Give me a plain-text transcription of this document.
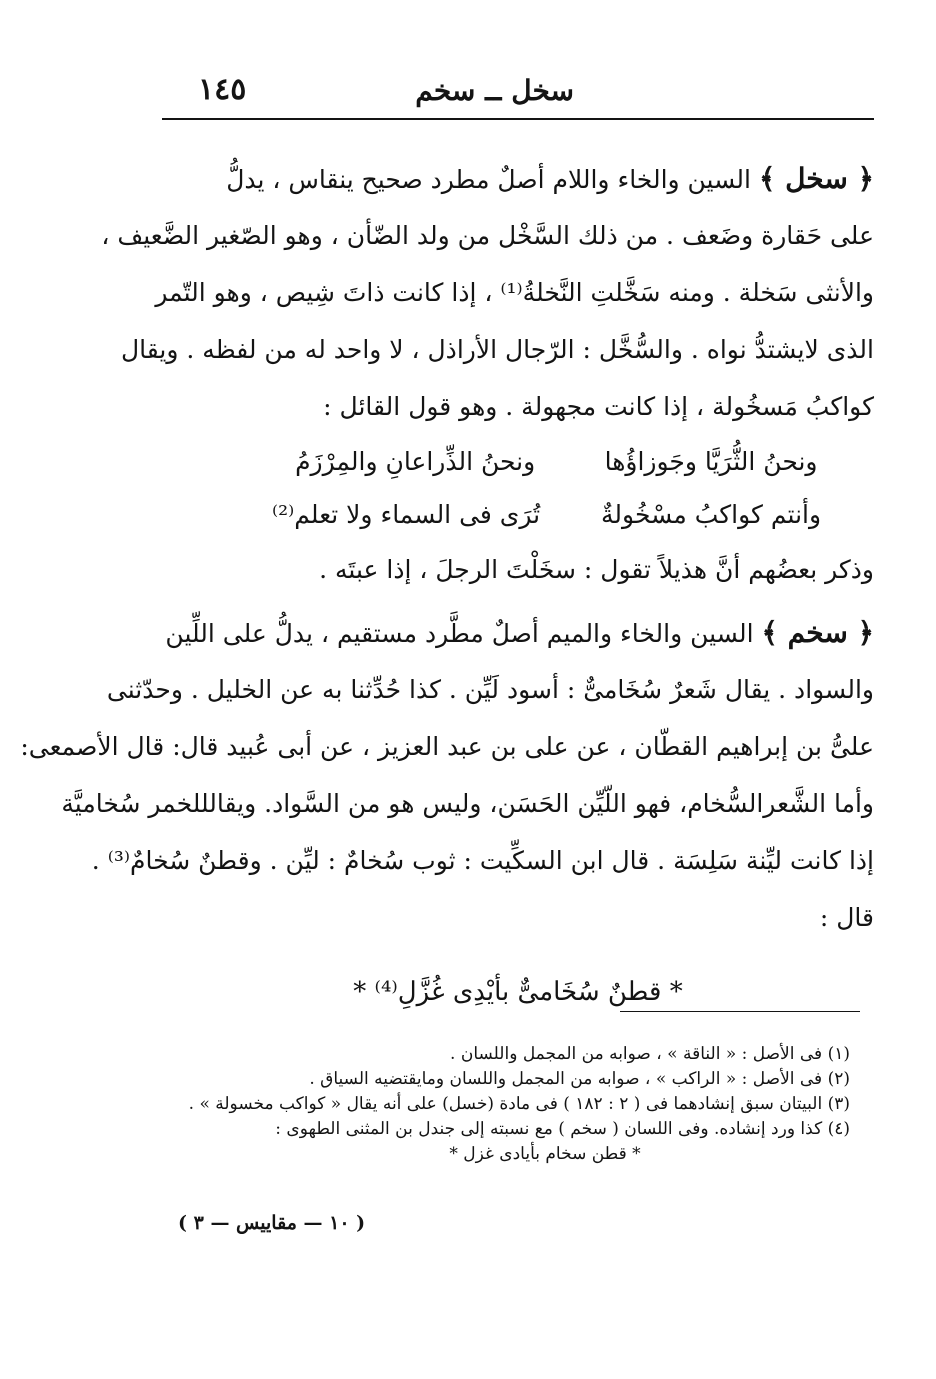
سخل ــ سخم
١٤٥
﴿ سخل ﴾ السين والخاء واللام أصلٌ مطرد صحيح ينقاس ، يدلُّ
على حَقارة وضَعف . من ذلك السَّخْل من ولد الضّأن ، وهو الصّغير الضَّعيف ،
والأنثى سَخلة . ومنه سَخَّلتِ النَّخلةُ⁽¹⁾ ، إذا كانت ذاتَ شِيص ، وهو التّمر
الذى لايشتدُّ نواه . والسُّخَّل : الرّجال الأراذل ، لا واحد له من لفظه . ويقال
كواكبُ مَسخُولة ، إذا كانت مجهولة . وهو قول القائل :
ونحنُ الثُّرَيَّا وجَوزاؤُها  ونحنُ الذِّراعانِ والمِرْزَمُ
وأنتم كواكبُ مسْخُولةٌ  تُرَى فى السماء ولا تعلم⁽²⁾
وذكر بعضُهم أنَّ هذيلاً تقول : سخَلْتَ الرجلَ ، إذا عبتَه .
﴿ سخم ﴾ السين والخاء والميم أصلٌ مطَّرد مستقيم ، يدلُّ على اللِّين
والسواد . يقال شَعرٌ سُخَامىٌّ : أسود لَيِّن . كذا حُدِّثنا به عن الخليل . وحدّثنى
علىُّ بن إبراهيم القطّان ، عن على بن عبد العزيز ، عن أبى عُبيد قال: قال الأصمعى:
وأما الشَّعرالسُّخام، فهو اللّيِّن الحَسَن، وليس هو من السَّواد. ويقالللخمر سُخاميَّة
إذا كانت ليِّنة سَلِسَة . قال ابن السكِّيت : ثوب سُخامٌ : ليِّن . وقطنٌ سُخامٌ⁽³⁾ .
قال :
* قطنٌ سُخَامىٌّ بأيْدِى غُزَّلِ⁽⁴⁾ *
(١) فى الأصل : « الناقة » ، صوابه من المجمل واللسان .
(٢) فى الأصل : « الراكب » ، صوابه من المجمل واللسان ومايقتضيه السياق .
(٣) البيتان سبق إنشادهما فى ( ٢ : ١٨٢ ) فى مادة (خسل) على أنه يقال « كواكب مخسولة » .
(٤) كذا ورد إنشاده. وفى اللسان ( سخم ) مع نسبته إلى جندل بن المثنى الطهوى :
* قطن سخام بأيادى غزل *
( ١٠ — مقاييس — ٣ )
